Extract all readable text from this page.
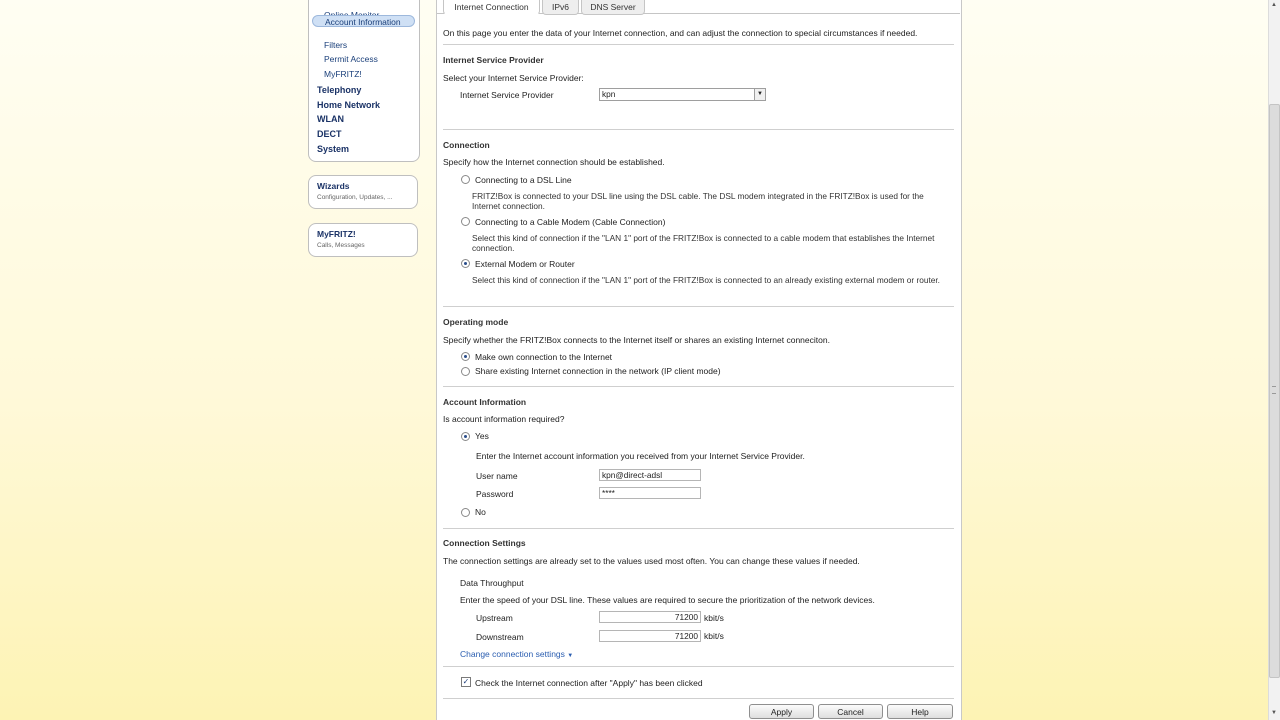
Account Information
Filters
Permit Access
MyFRITZ!
Telephony
Home Network
WLAN
DECT
System
Wizards
Configuration, Updates, ...
MyFRITZ!
Calls, Messages
Internet Connection	IPv6	DNS Server
On this page you enter the data of your Internet connection, and can adjust the connection to special circumstances if needed.
Internet Service Provider
Select your Internet Service Provider:
Internet Service Provider	kpn	▼
Connection
Specify how the Internet connection should be established.
Connecting to a DSL Line
FRITZ!Box is connected to your DSL line using the DSL cable. The DSL modem integrated in the FRITZ!Box is used for the Internet connection.
Connecting to a Cable Modem (Cable Connection)
Select this kind of connection if the "LAN 1" port of the FRITZ!Box is connected to a cable modem that establishes the Internet connection.
External Modem or Router
Select this kind of connection if the "LAN 1" port of the FRITZ!Box is connected to an already existing external modem or router.
Operating mode
Specify whether the FRITZ!Box connects to the Internet itself or shares an existing Internet conneciton.
Make own connection to the Internet
Share existing Internet connection in the network (IP client mode)
Account Information
Is account information required?
Yes
Enter the Internet account information you received from your Internet Service Provider.
User name	kpn@direct-adsl
Password	****
No
Connection Settings
The connection settings are already set to the values used most often. You can change these values if needed.
Data Throughput
Enter the speed of your DSL line. These values are required to secure the prioritization of the network devices.
Upstream	71200 kbit/s
Downstream	71200 kbit/s
Change connection settings ▼
✓ Check the Internet connection after "Apply" has been clicked
Apply	Cancel	Help
▲
▼
